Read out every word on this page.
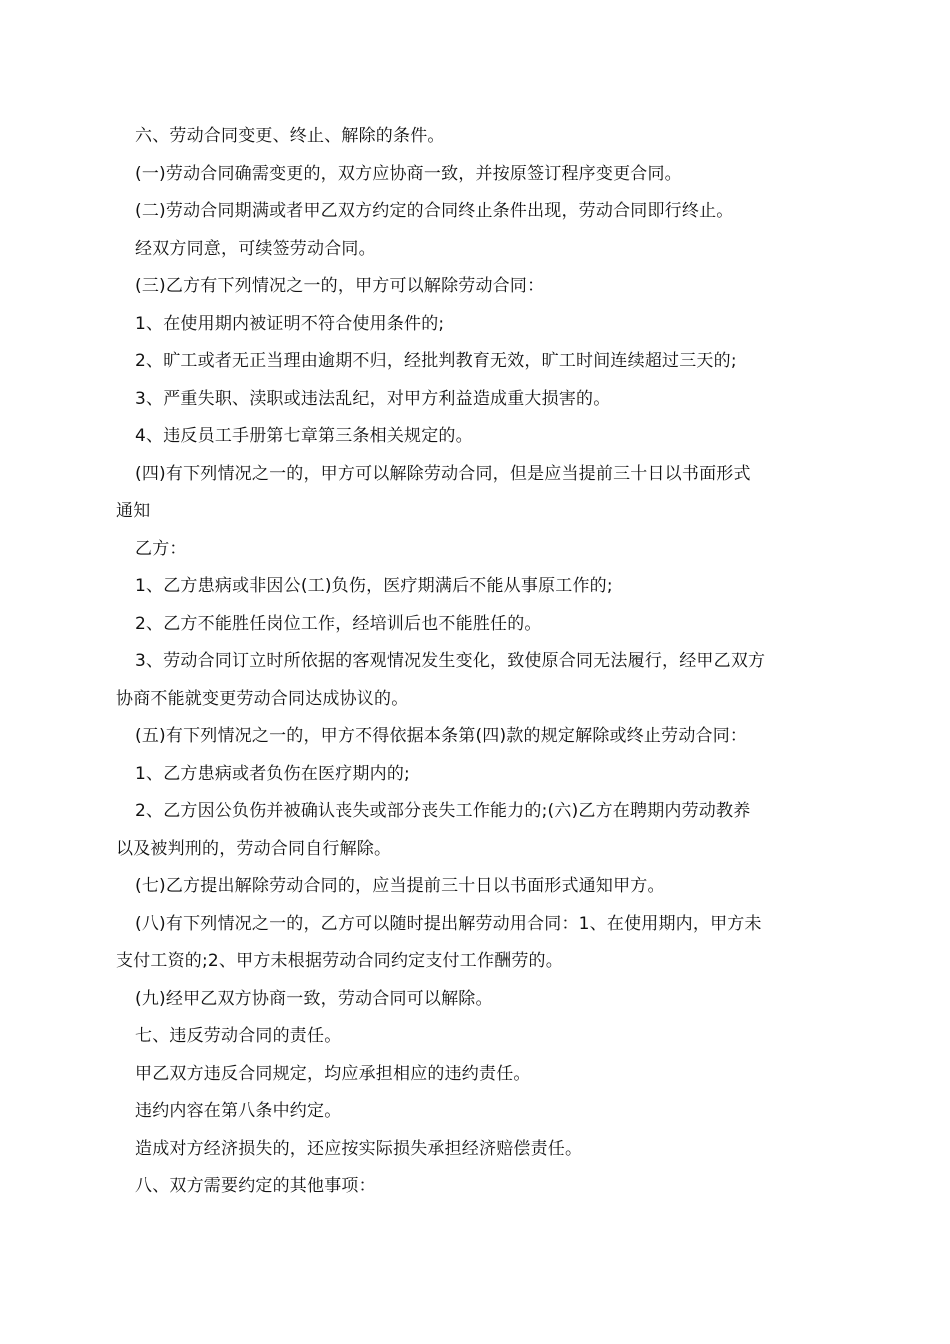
六、劳动合同变更、终止、解除的条件。
(一)劳动合同确需变更的，双方应协商一致，并按原签订程序变更合同。
(二)劳动合同期满或者甲乙双方约定的合同终止条件出现，劳动合同即行终止。
经双方同意，可续签劳动合同。
(三)乙方有下列情况之一的，甲方可以解除劳动合同：
1、在使用期内被证明不符合使用条件的;
2、旷工或者无正当理由逾期不归，经批判教育无效，旷工时间连续超过三天的;
3、严重失职、渎职或违法乱纪，对甲方利益造成重大损害的。
4、违反员工手册第七章第三条相关规定的。
(四)有下列情况之一的，甲方可以解除劳动合同，但是应当提前三十日以书面形式
通知
乙方：
1、乙方患病或非因公(工)负伤，医疗期满后不能从事原工作的;
2、乙方不能胜任岗位工作，经培训后也不能胜任的。
3、劳动合同订立时所依据的客观情况发生变化，致使原合同无法履行，经甲乙双方
协商不能就变更劳动合同达成协议的。
(五)有下列情况之一的，甲方不得依据本条第(四)款的规定解除或终止劳动合同：
1、乙方患病或者负伤在医疗期内的;
2、乙方因公负伤并被确认丧失或部分丧失工作能力的;(六)乙方在聘期内劳动教养
以及被判刑的，劳动合同自行解除。
(七)乙方提出解除劳动合同的，应当提前三十日以书面形式通知甲方。
(八)有下列情况之一的，乙方可以随时提出解劳动用合同：1、在使用期内，甲方未
支付工资的;2、甲方未根据劳动合同约定支付工作酬劳的。
(九)经甲乙双方协商一致，劳动合同可以解除。
七、违反劳动合同的责任。
甲乙双方违反合同规定，均应承担相应的违约责任。
违约内容在第八条中约定。
造成对方经济损失的，还应按实际损失承担经济赔偿责任。
八、双方需要约定的其他事项：
